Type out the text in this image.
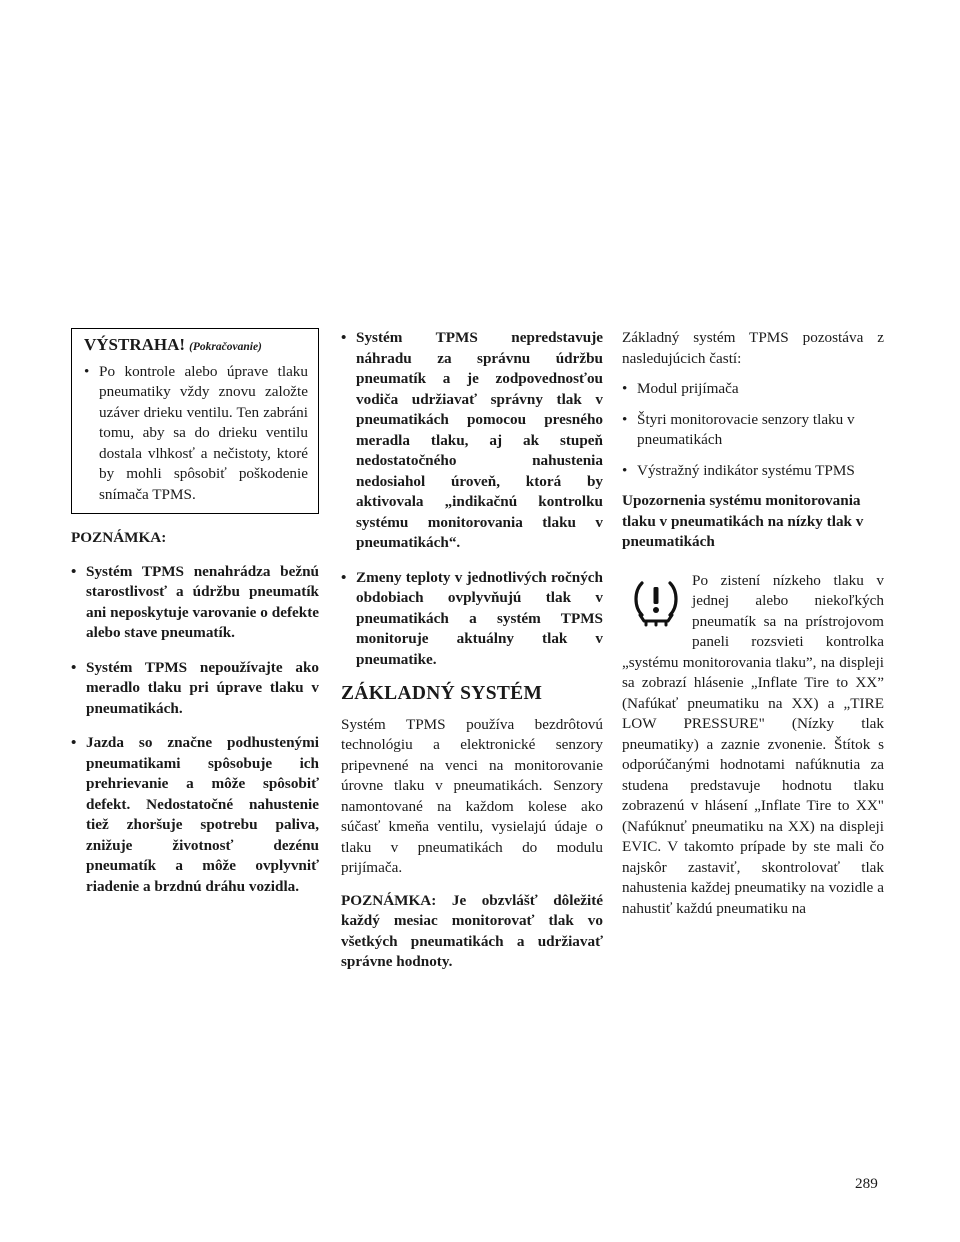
VÝSTRAHA! (Pokračovanie)
• Po kontrole alebo úprave tlaku pneumatiky vždy znovu založte uzáver drieku ventilu. Ten zabráni tomu, aby sa do drieku ventilu dostala vlhkosť a nečistoty, ktoré by mohli spôsobiť poškodenie snímača TPMS.

POZNÁMKA:

• Systém TPMS nenahrádza bežnú starostlivosť a údržbu pneumatík ani neposkytuje varovanie o defekte alebo stave pneumatík.
• Systém TPMS nepoužívajte ako meradlo tlaku pri úprave tlaku v pneumatikách.
• Jazda so značne podhustenými pneumatikami spôsobuje ich prehrievanie a môže spôsobiť defekt. Nedostatočné nahustenie tiež zhoršuje spotrebu paliva, znižuje životnosť dezénu pneumatík a môže ovplyvniť riadenie a brzdnú dráhu vozidla.
• Systém TPMS nepredstavuje náhradu za správnu údržbu pneumatík a je zodpovednosťou vodiča udržiavať správny tlak v pneumatikách pomocou presného meradla tlaku, aj ak stupeň nedostatočného nahustenia nedosiahol úroveň, ktorá by aktivovala „indikačnú kontrolku systému monitorovania tlaku v pneumatikách“.
• Zmeny teploty v jednotlivých ročných obdobiach ovplyvňujú tlak v pneumatikách a systém TPMS monitoruje aktuálny tlak v pneumatike.

ZÁKLADNÝ SYSTÉM

Systém TPMS používa bezdrôtovú technológiu a elektronické senzory pripevnené na venci na monitorovanie úrovne tlaku v pneumatikách. Senzory namontované na každom kolese ako súčasť kmeňa ventilu, vysielajú údaje o tlaku v pneumatikách do modulu prijímača.

POZNÁMKA: Je obzvlášť dôležité každý mesiac monitorovať tlak vo všetkých pneumatikách a udržiavať správne hodnoty.

Základný systém TPMS pozostáva z nasledujúcich častí:

• Modul prijímača
• Štyri monitorovacie senzory tlaku v pneumatikách
• Výstražný indikátor systému TPMS

Upozornenia systému monitorovania tlaku v pneumatikách na nízky tlak v pneumatikách

Po zistení nízkeho tlaku v jednej alebo niekoľkých pneumatík sa na prístrojovom paneli rozsvieti kontrolka „systému monitorovania tlaku”, na displeji sa zobrazí hlásenie „Inflate Tire to XX” (Nafúkať pneumatiku na XX) a „TIRE LOW PRESSURE" (Nízky tlak pneumatiky) a zaznie zvonenie. Štítok s odporúčanými hodnotami nafúknutia za studena predstavuje hodnotu tlaku zobrazenú v hlásení „Inflate Tire to XX" (Nafúknuť pneumatiku na XX) na displeji EVIC. V takomto prípade by ste mali čo najskôr zastaviť, skontrolovať tlak nahustenia každej pneumatiky na vozidle a nahustiť každú pneumatiku na

289
